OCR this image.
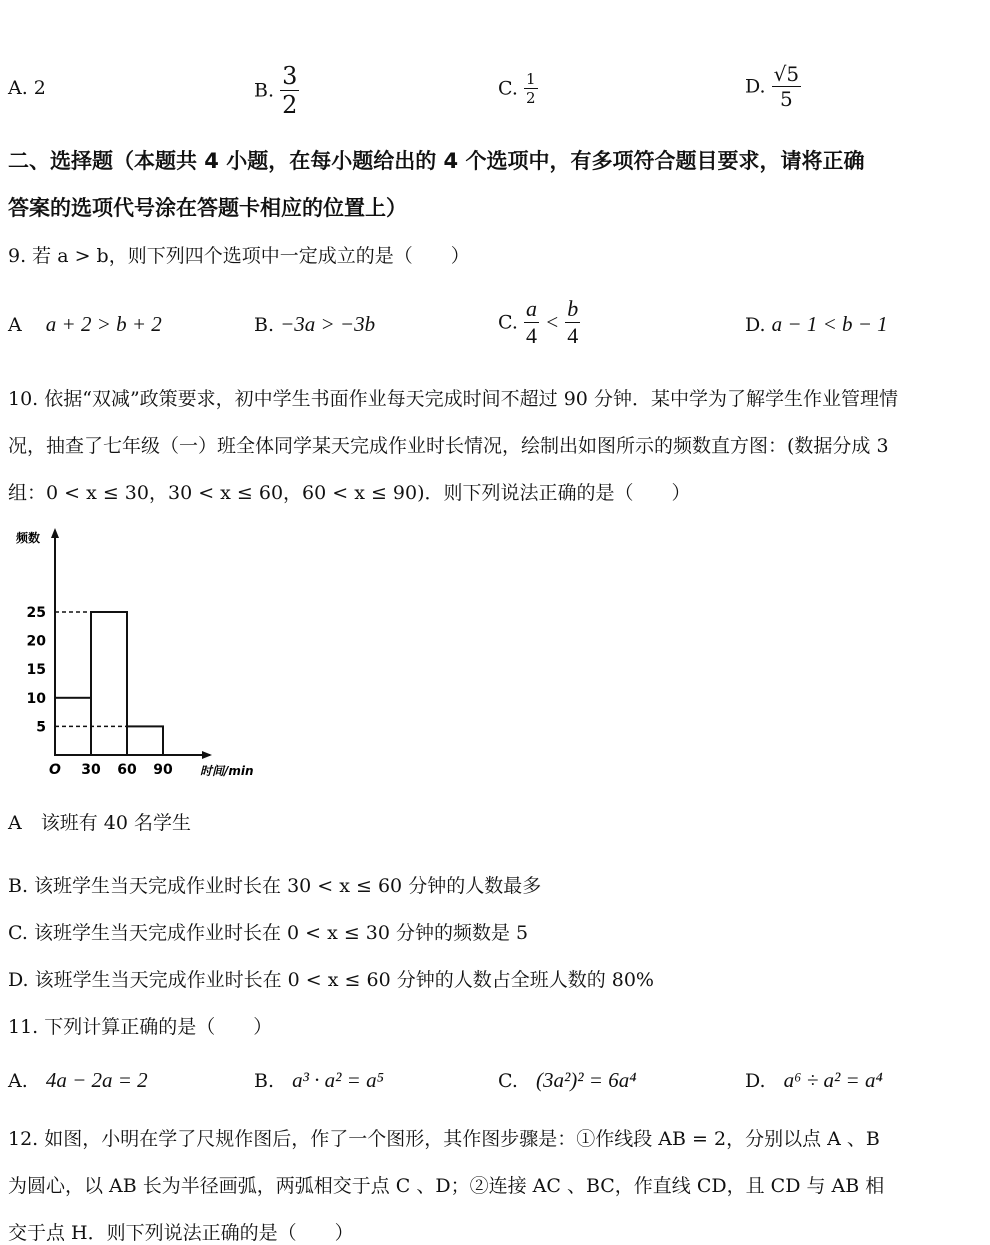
A. 2	B. $\frac{3}{2}$	C. $\frac{1}{2}$	D. $\frac{√5}{5}$
二、选择题（本题共 4 小题，在每小题给出的 4 个选项中，有多项符合题目要求，请将正确
答案的选项代号涂在答题卡相应的位置上）
9. 若 a > b，则下列四个选项中一定成立的是（　　）
A a + 2 > b + 2	B. −3a > −3b	C. $\frac{a}{4} < \frac{b}{4}$	D. a − 1 < b − 1
10. 依据“双减”政策要求，初中学生书面作业每天完成时间不超过 90 分钟．某中学为了解学生作业管理情
况，抽查了七年级（一）班全体同学某天完成作业时长情况，绘制出如图所示的频数直方图：(数据分成 3
组：0 < x ≤ 30，30 < x ≤ 60，60 < x ≤ 90)．则下列说法正确的是（　　）
5
10
15
20
25
O 30 60 90
频数
时间/min
A　该班有 40 名学生
B. 该班学生当天完成作业时长在 30 < x ≤ 60 分钟的人数最多
C. 该班学生当天完成作业时长在 0 < x ≤ 30 分钟的频数是 5
D. 该班学生当天完成作业时长在 0 < x ≤ 60 分钟的人数占全班人数的 80%
11. 下列计算正确的是（　　）
A. 4a − 2a = 2	B. a³ · a² = a⁵	C. (3a²)² = 6a⁴	D. a⁶ ÷ a² = a⁴
12. 如图，小明在学了尺规作图后，作了一个图形，其作图步骤是：①作线段 AB = 2，分别以点 A 、B
为圆心，以 AB 长为半径画弧，两弧相交于点 C 、D；②连接 AC 、BC，作直线 CD，且 CD 与 AB 相
交于点 H．则下列说法正确的是（　　）
